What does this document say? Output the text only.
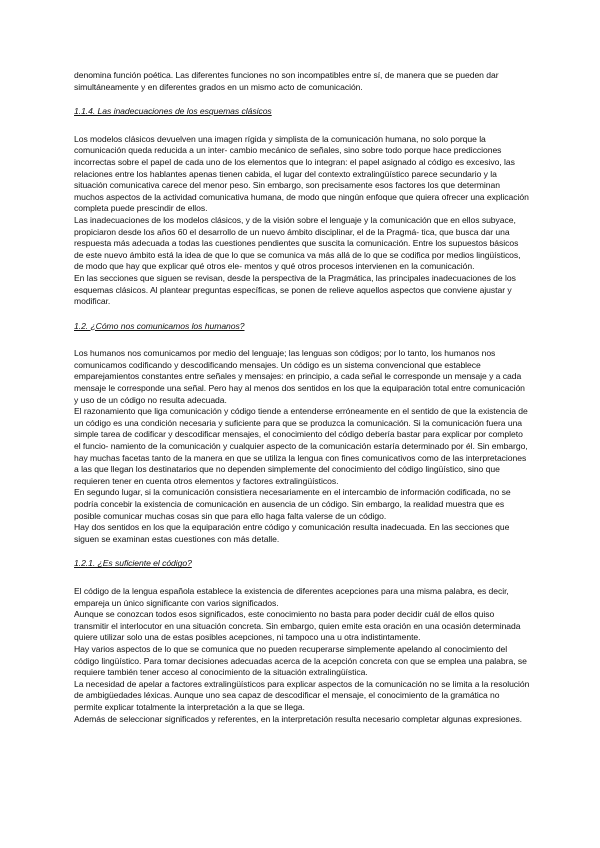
denomina función poética. Las diferentes funciones no son incompatibles entre sí, de manera que se pueden dar simultáneamente y en diferentes grados en un mismo acto de comunicación.

1.1.4. Las inadecuaciones de los esquemas clásicos

Los modelos clásicos devuelven una imagen rígida y simplista de la comunicación humana, no solo porque la comunicación queda reducida a un inter- cambio mecánico de señales, sino sobre todo porque hace predicciones incorrectas sobre el papel de cada uno de los elementos que lo integran: el papel asignado al código es excesivo, las relaciones entre los hablantes apenas tienen cabida, el lugar del contexto extralingüístico parece secundario y la situación comunicativa carece del menor peso. Sin embargo, son precisamente esos factores los que determinan muchos aspectos de la actividad comunicativa humana, de modo que ningún enfoque que quiera ofrecer una explicación completa puede prescindir de ellos.

Las inadecuaciones de los modelos clásicos, y de la visión sobre el lenguaje y la comunicación que en ellos subyace, propiciaron desde los años 60 el desarrollo de un nuevo ámbito disciplinar, el de la Pragmá- tica, que busca dar una respuesta más adecuada a todas las cuestiones pendientes que suscita la comunicación. Entre los supuestos básicos de este nuevo ámbito está la idea de que lo que se comunica va más allá de lo que se codifica por medios lingüísticos, de modo que hay que explicar qué otros ele- mentos y qué otros procesos intervienen en la comunicación.

En las secciones que siguen se revisan, desde la perspectiva de la Pragmática, las principales inadecuaciones de los esquemas clásicos. Al plantear preguntas específicas, se ponen de relieve aquellos aspectos que conviene ajustar y modificar.

1.2. ¿Cómo nos comunicamos los humanos?

Los humanos nos comunicamos por medio del lenguaje; las lenguas son códigos; por lo tanto, los humanos nos comunicamos codificando y descodificando mensajes. Un código es un sistema convencional que establece emparejamientos constantes entre señales y mensajes: en principio, a cada señal le corresponde un mensaje y a cada mensaje le corresponde una señal. Pero hay al menos dos sentidos en los que la equiparación total entre comunicación y uso de un código no resulta adecuada.

El razonamiento que liga comunicación y código tiende a entenderse erróneamente en el sentido de que la existencia de un código es una condición necesaria y suficiente para que se produzca la comunicación. Si la comunicación fuera una simple tarea de codificar y descodificar mensajes, el conocimiento del código debería bastar para explicar por completo el funcio- namiento de la comunicación y cualquier aspecto de la comunicación estaría determinado por él. Sin embargo, hay muchas facetas tanto de la manera en que se utiliza la lengua con fines comunicativos como de las interpretaciones a las que llegan los destinatarios que no dependen simplemente del conocimiento del código lingüístico, sino que requieren tener en cuenta otros elementos y factores extralingüísticos.

En segundo lugar, si la comunicación consistiera necesariamente en el intercambio de información codificada, no se podría concebir la existencia de comunicación en ausencia de un código. Sin embargo, la realidad muestra que es posible comunicar muchas cosas sin que para ello haga falta valerse de un código.

Hay dos sentidos en los que la equiparación entre código y comunicación resulta inadecuada. En las secciones que siguen se examinan estas cuestiones con más detalle.

1.2.1. ¿Es suficiente el código?

El código de la lengua española establece la existencia de diferentes acepciones para una misma palabra, es decir, empareja un único significante con varios significados.

Aunque se conozcan todos esos significados, este conocimiento no basta para poder decidir cuál de ellos quiso transmitir el interlocutor en una situación concreta. Sin embargo, quien emite esta oración en una ocasión determinada quiere utilizar solo una de estas posibles acepciones, ni tampoco una u otra indistintamente.

Hay varios aspectos de lo que se comunica que no pueden recuperarse simplemente apelando al conocimiento del código lingüístico. Para tomar decisiones adecuadas acerca de la acepción concreta con que se emplea una palabra, se requiere también tener acceso al conocimiento de la situación extralingüística.

La necesidad de apelar a factores extralingüísticos para explicar aspectos de la comunicación no se limita a la resolución de ambigüedades léxicas. Aunque uno sea capaz de descodificar el mensaje, el conocimiento de la gramática no permite explicar totalmente la interpretación a la que se llega.

Además de seleccionar significados y referentes, en la interpretación resulta necesario completar algunas expresiones.
